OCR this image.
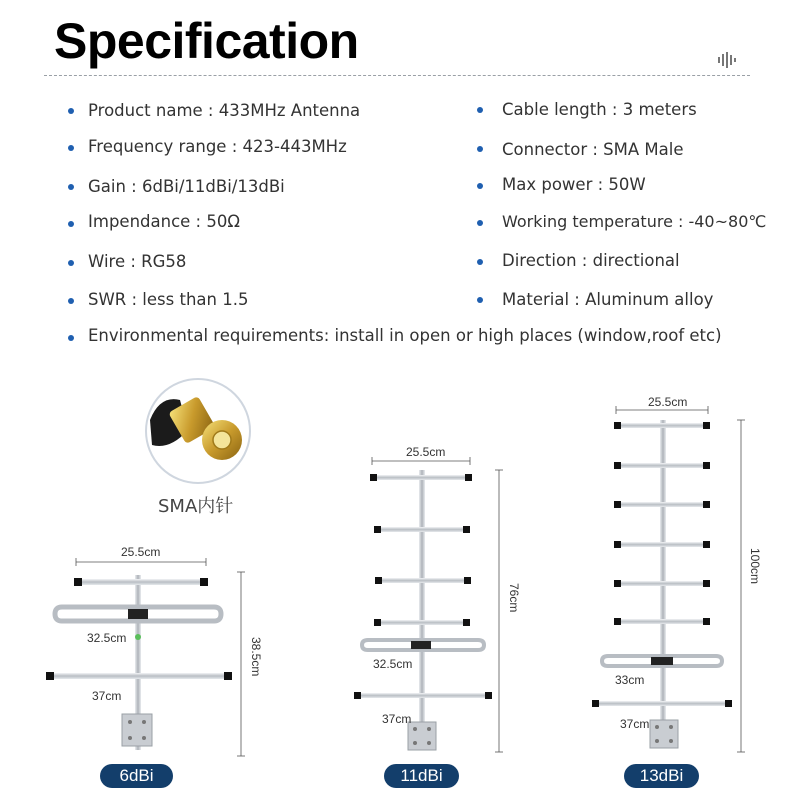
Specification
Product name : 433MHz Antenna
Frequency range : 423-443MHz
Gain : 6dBi/11dBi/13dBi
Impendance : 50Ω
Wire : RG58
SWR : less than 1.5
Cable length : 3 meters
Connector : SMA Male
Max power : 50W
Working temperature : -40~80℃
Direction : directional
Material : Aluminum alloy
Environmental requirements: install in open or high places (window,roof etc)
SMA内针
25.5cm
32.5cm
37cm
38.5cm
25.5cm
32.5cm
37cm
76cm
25.5cm
33cm
37cm
100cm
6dBi	11dBi	13dBi
